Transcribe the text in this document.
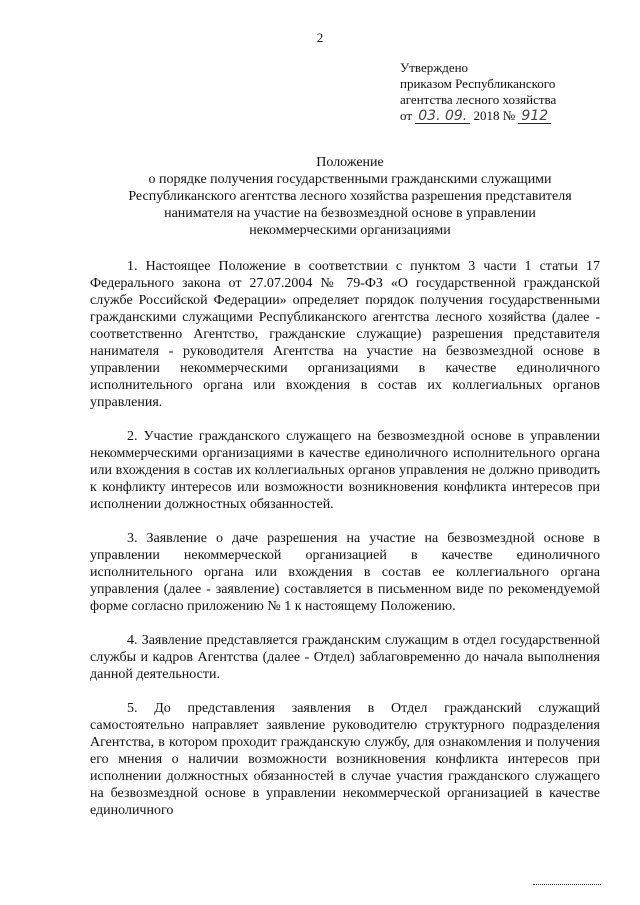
2
Утверждено
приказом Республиканского
агентства лесного хозяйства
от 03. 09. 2018 № 912
Положение
о порядке получения государственными гражданскими служащими
Республиканского агентства лесного хозяйства разрешения представителя
нанимателя на участие на безвозмездной основе в управлении
некоммерческими организациями

1. Настоящее Положение в соответствии с пунктом 3 части 1 статьи 17 Федерального закона от 27.07.2004 № 79-ФЗ «О государственной гражданской службе Российской Федерации» определяет порядок получения государственными гражданскими служащими Республиканского агентства лесного хозяйства (далее - соответственно Агентство, гражданские служащие) разрешения представителя нанимателя - руководителя Агентства на участие на безвозмездной основе в управлении некоммерческими организациями в качестве единоличного исполнительного органа или вхождения в состав их коллегиальных органов управления.

2. Участие гражданского служащего на безвозмездной основе в управлении некоммерческими организациями в качестве единоличного исполнительного органа или вхождения в состав их коллегиальных органов управления не должно приводить к конфликту интересов или возможности возникновения конфликта интересов при исполнении должностных обязанностей.

3. Заявление о даче разрешения на участие на безвозмездной основе в управлении некоммерческой организацией в качестве единоличного исполнительного органа или вхождения в состав ее коллегиального органа управления (далее - заявление) составляется в письменном виде по рекомендуемой форме согласно приложению № 1 к настоящему Положению.

4. Заявление представляется гражданским служащим в отдел государственной службы и кадров Агентства (далее - Отдел) заблаговременно до начала выполнения данной деятельности.

5. До представления заявления в Отдел гражданский служащий самостоятельно направляет заявление руководителю структурного подразделения Агентства, в котором проходит гражданскую службу, для ознакомления и получения его мнения о наличии возможности возникновения конфликта интересов при исполнении должностных обязанностей в случае участия гражданского служащего на безвозмездной основе в управлении некоммерческой организацией в качестве единоличного
